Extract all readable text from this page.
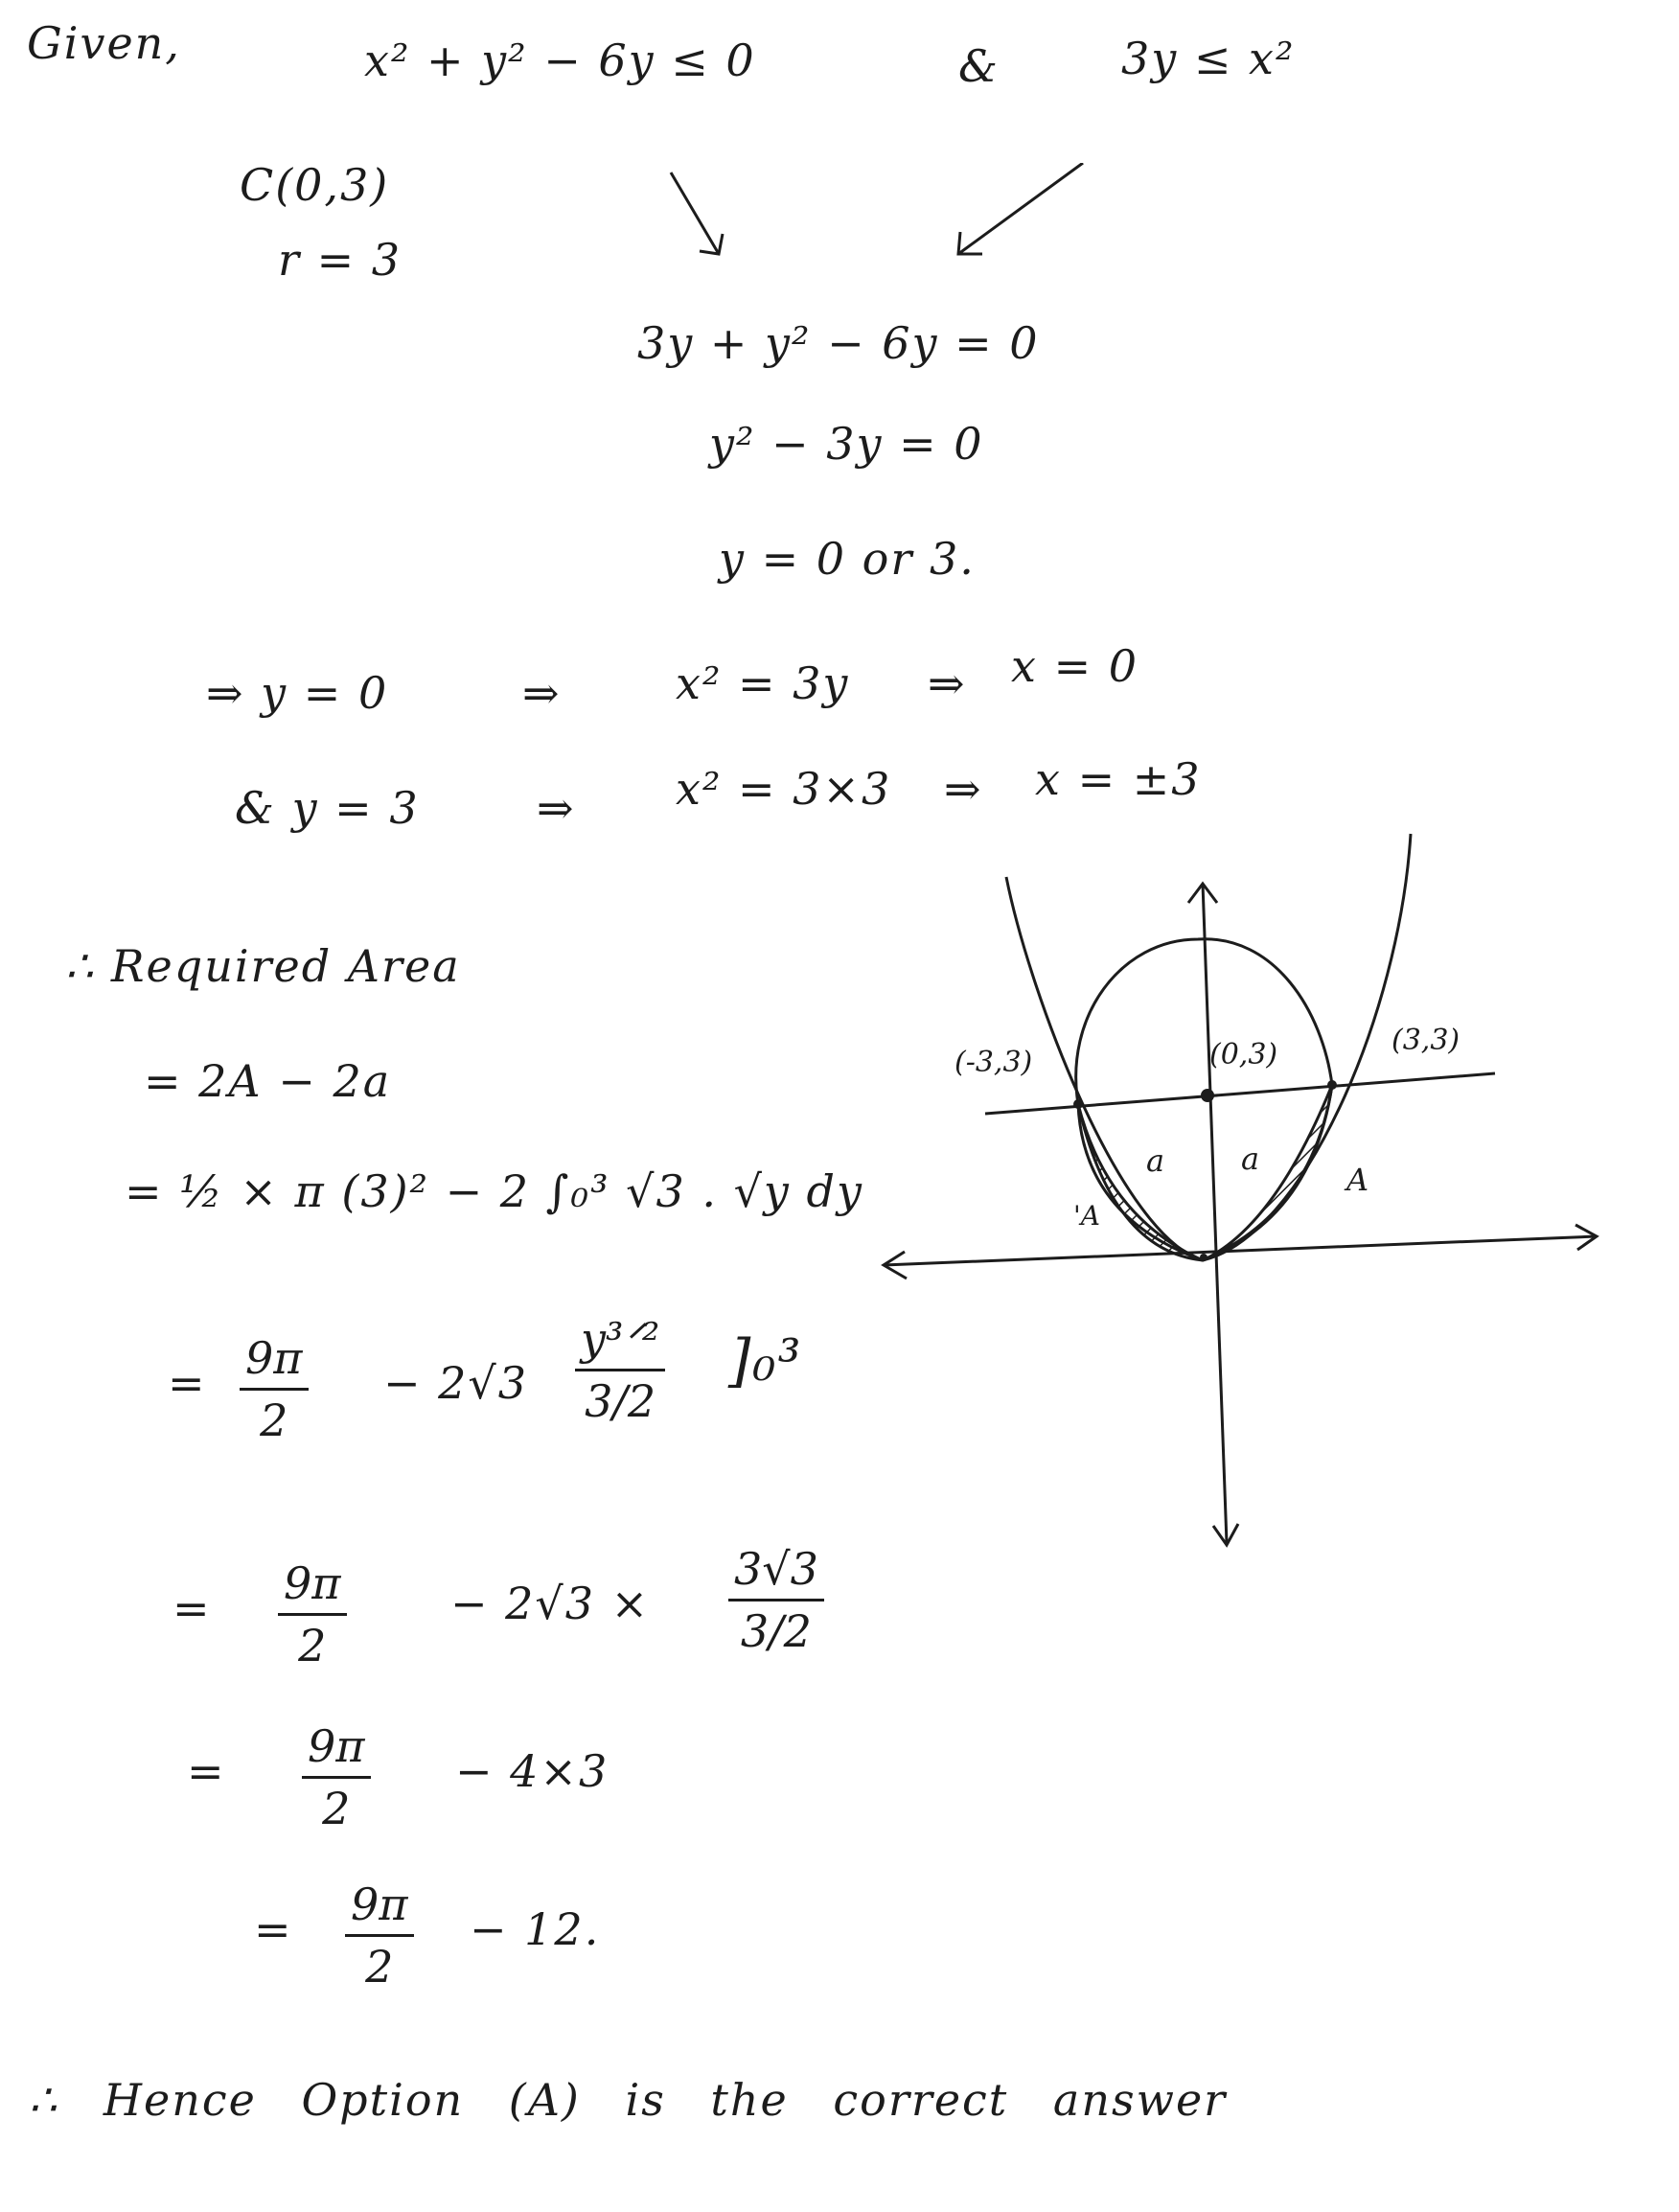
Given,	x² + y² − 6y ≤ 0	&	3y ≤ x²
C(0,3)
r = 3
3y + y² − 6y = 0
y² − 3y = 0
y = 0 or 3.
⇒ y = 0	⇒	x² = 3y ⇒ x = 0
& y = 3	⇒ x² = 3×3 ⇒ x = ±3
∴ Required Area
= 2A − 2a
= ½ × π (3)² − 2 ∫₀³ √3 . √y dy
= $\frac{9\pi}{2} - 2√3$
y³ᐟ²
3/2
]₀³
= $\frac{9\pi}{2} - 2√3 \times \frac{3√3}{3/2}$
= $\frac{9\pi}{2} - 4\times 3$
= $\frac{9\pi}{2} - 12$.
∴ Hence Option (A) is the correct answer
(-3,3)	(0,3)	(3,3)
a a
'A
A
